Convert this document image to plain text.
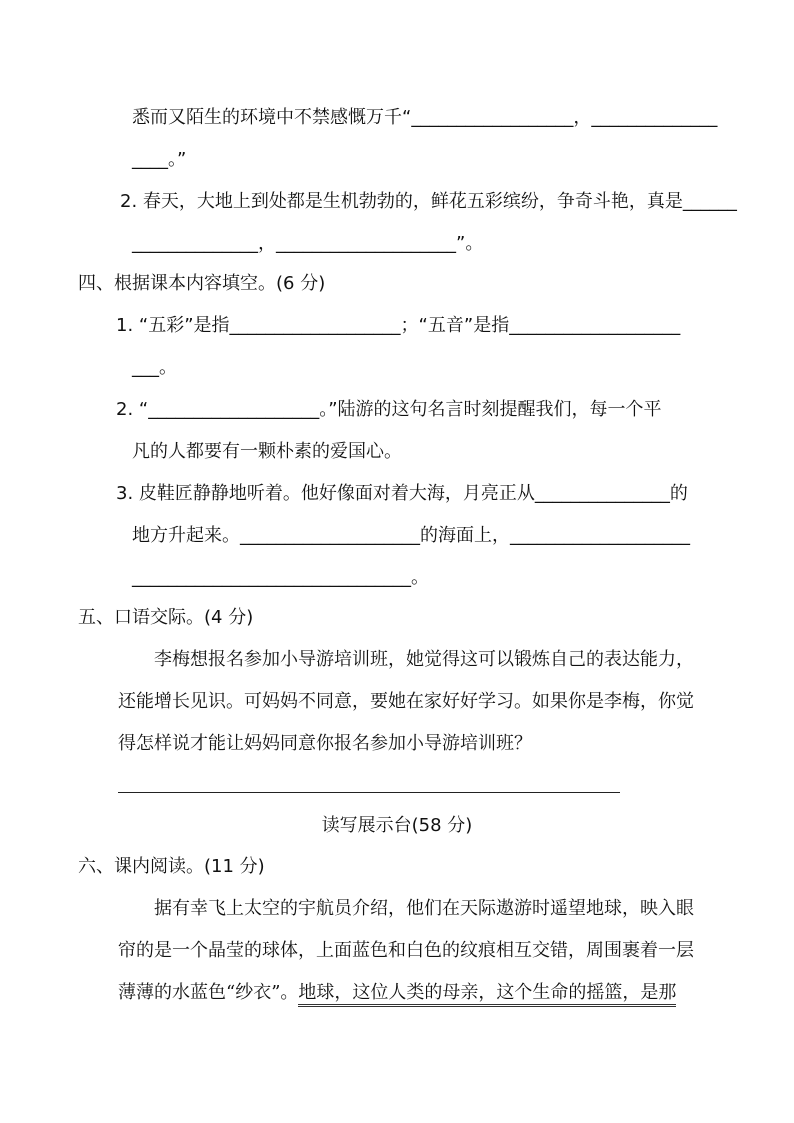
悉而又陌生的环境中不禁感慨万千“__________________，______________
____。”
2. 春天，大地上到处都是生机勃勃的，鲜花五彩缤纷，争奇斗艳，真是______
______________，____________________”。
四、根据课本内容填空。(6 分)
1. “五彩”是指___________________；“五音”是指___________________
___。
2. “___________________。”陆游的这句名言时刻提醒我们，每一个平
凡的人都要有一颗朴素的爱国心。
3. 皮鞋匠静静地听着。他好像面对着大海，月亮正从_______________的
地方升起来。____________________的海面上，____________________
_______________________________。
五、口语交际。(4 分)
李梅想报名参加小导游培训班，她觉得这可以锻炼自己的表达能力，
还能增长见识。可妈妈不同意，要她在家好好学习。如果你是李梅，你觉
得怎样说才能让妈妈同意你报名参加小导游培训班？
读写展示台(58 分)
六、课内阅读。(11 分)
据有幸飞上太空的宇航员介绍，他们在天际遨游时遥望地球，映入眼
帘的是一个晶莹的球体，上面蓝色和白色的纹痕相互交错，周围裹着一层
薄薄的水蓝色“纱衣”。地球，这位人类的母亲，这个生命的摇篮，是那
